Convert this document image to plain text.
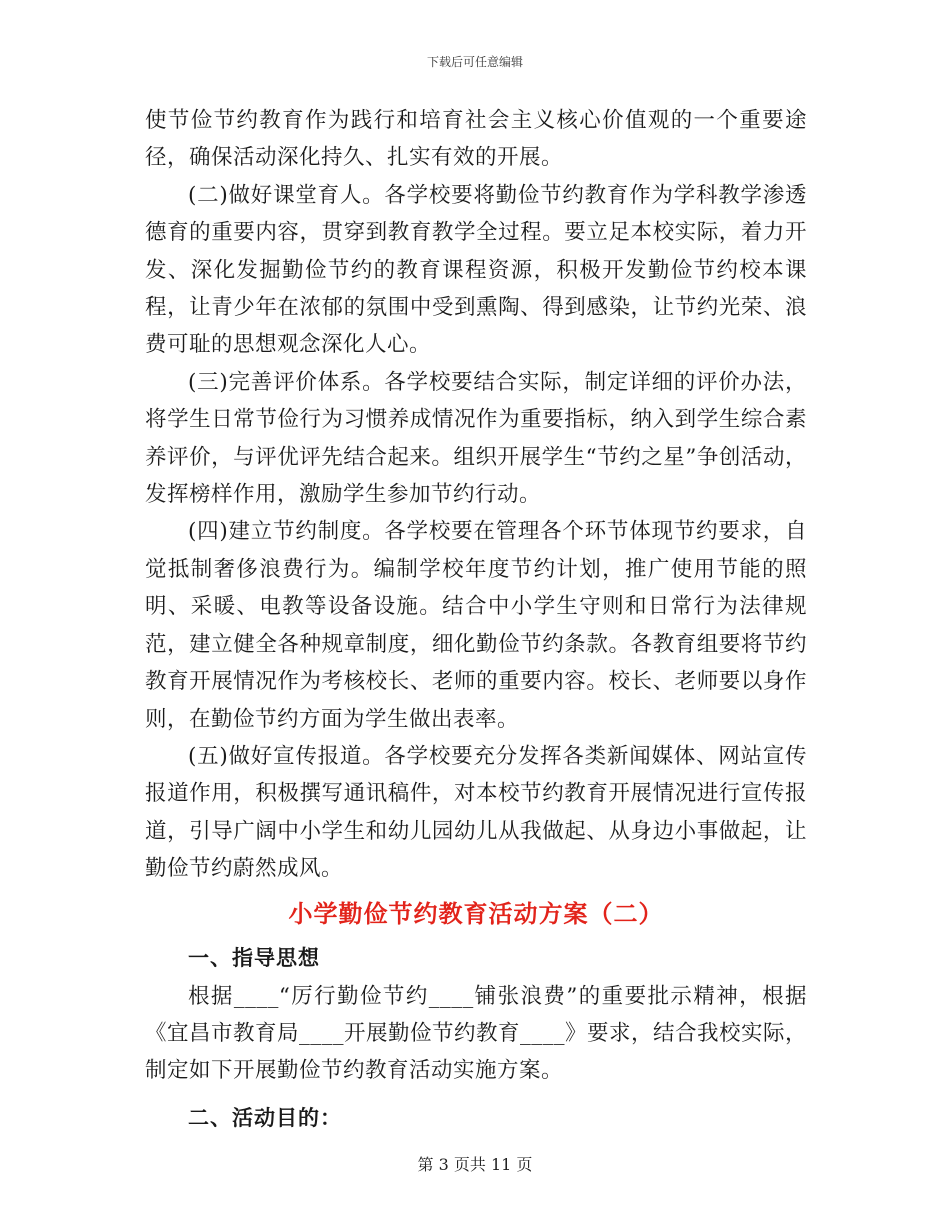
下载后可任意编辑

使节俭节约教育作为践行和培育社会主义核心价值观的一个重要途径，确保活动深化持久、扎实有效的开展。

(二)做好课堂育人。各学校要将勤俭节约教育作为学科教学渗透德育的重要内容，贯穿到教育教学全过程。要立足本校实际，着力开发、深化发掘勤俭节约的教育课程资源，积极开发勤俭节约校本课程，让青少年在浓郁的氛围中受到熏陶、得到感染，让节约光荣、浪费可耻的思想观念深化人心。

(三)完善评价体系。各学校要结合实际，制定详细的评价办法，将学生日常节俭行为习惯养成情况作为重要指标，纳入到学生综合素养评价，与评优评先结合起来。组织开展学生“节约之星”争创活动，发挥榜样作用，激励学生参加节约行动。

(四)建立节约制度。各学校要在管理各个环节体现节约要求，自觉抵制奢侈浪费行为。编制学校年度节约计划，推广使用节能的照明、采暖、电教等设备设施。结合中小学生守则和日常行为法律规范，建立健全各种规章制度，细化勤俭节约条款。各教育组要将节约教育开展情况作为考核校长、老师的重要内容。校长、老师要以身作则，在勤俭节约方面为学生做出表率。

(五)做好宣传报道。各学校要充分发挥各类新闻媒体、网站宣传报道作用，积极撰写通讯稿件，对本校节约教育开展情况进行宣传报道，引导广阔中小学生和幼儿园幼儿从我做起、从身边小事做起，让勤俭节约蔚然成风。

小学勤俭节约教育活动方案（二）
一、指导思想

根据____“厉行勤俭节约____铺张浪费”的重要批示精神，根据《宜昌市教育局____开展勤俭节约教育____》要求，结合我校实际，制定如下开展勤俭节约教育活动实施方案。

二、活动目的：
第 3 页共 11 页
